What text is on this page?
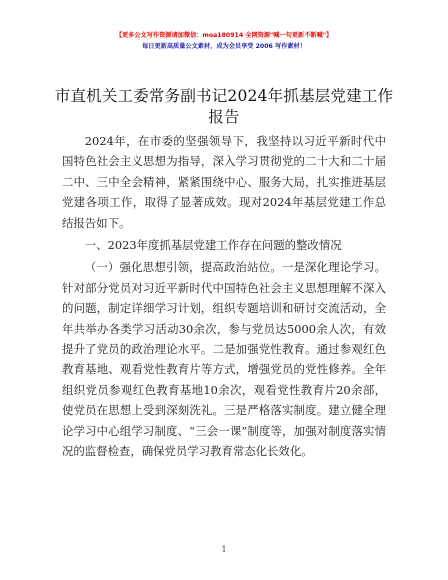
【更多公文写作资源请加微信：moa180914 全网资源"喊一句更新不断喊"】
每日更新高质量公文素材，成为会员享受 2006 写作素材！
市直机关工委常务副书记2024年抓基层党建工作报告

2024年，在市委的坚强领导下，我坚持以习近平新时代中国特色社会主义思想为指导，深入学习贯彻党的二十大和二十届二中、三中全会精神，紧紧围绕中心、服务大局，扎实推进基层党建各项工作，取得了显著成效。现对2024年基层党建工作总结报告如下。

一、2023年度抓基层党建工作存在问题的整改情况

（一）强化思想引领，提高政治站位。一是深化理论学习。针对部分党员对习近平新时代中国特色社会主义思想理解不深入的问题，制定详细学习计划，组织专题培训和研讨交流活动，全年共举办各类学习活动30余次，参与党员达5000余人次，有效提升了党员的政治理论水平。二是加强党性教育。通过参观红色教育基地、观看党性教育片等方式，增强党员的党性修养。全年组织党员参观红色教育基地10余次，观看党性教育片20余部，使党员在思想上受到深刻洗礼。三是严格落实制度。建立健全理论学习中心组学习制度、“三会一课”制度等，加强对制度落实情况的监督检查，确保党员学习教育常态化长效化。

1
